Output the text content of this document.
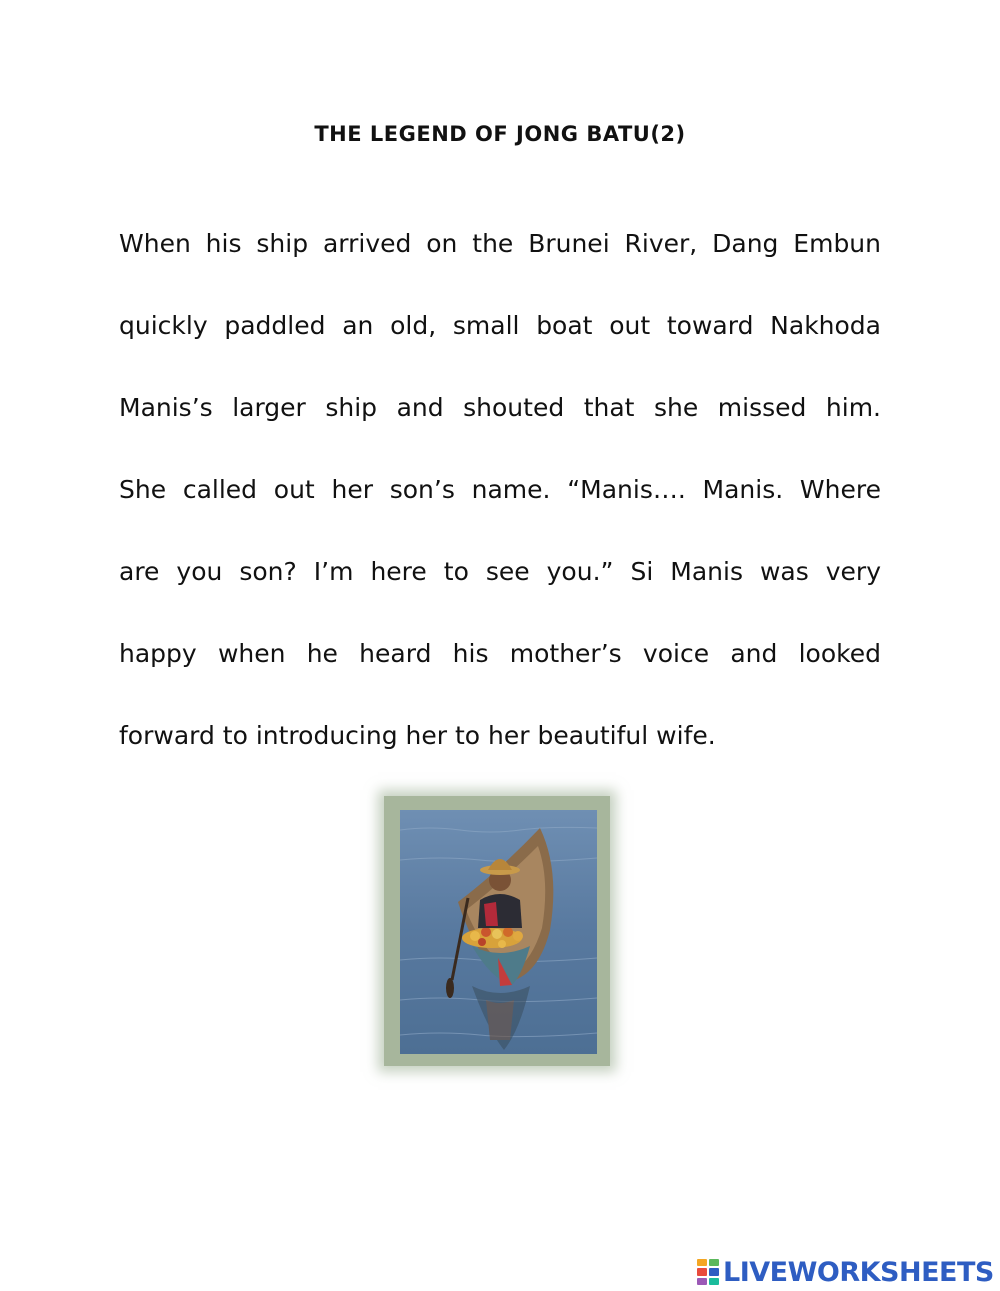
THE LEGEND OF JONG BATU(2)
When his ship arrived on the Brunei River, Dang Embun
quickly paddled an old, small boat out toward Nakhoda
Manis’s larger ship and shouted that she missed him.
She called out her son’s name. “Manis…. Manis. Where
are you son? I’m here to see you.” Si Manis was very
happy when he heard his mother’s voice and looked
forward to introducing her to her beautiful wife.
LIVEWORKSHEETS
